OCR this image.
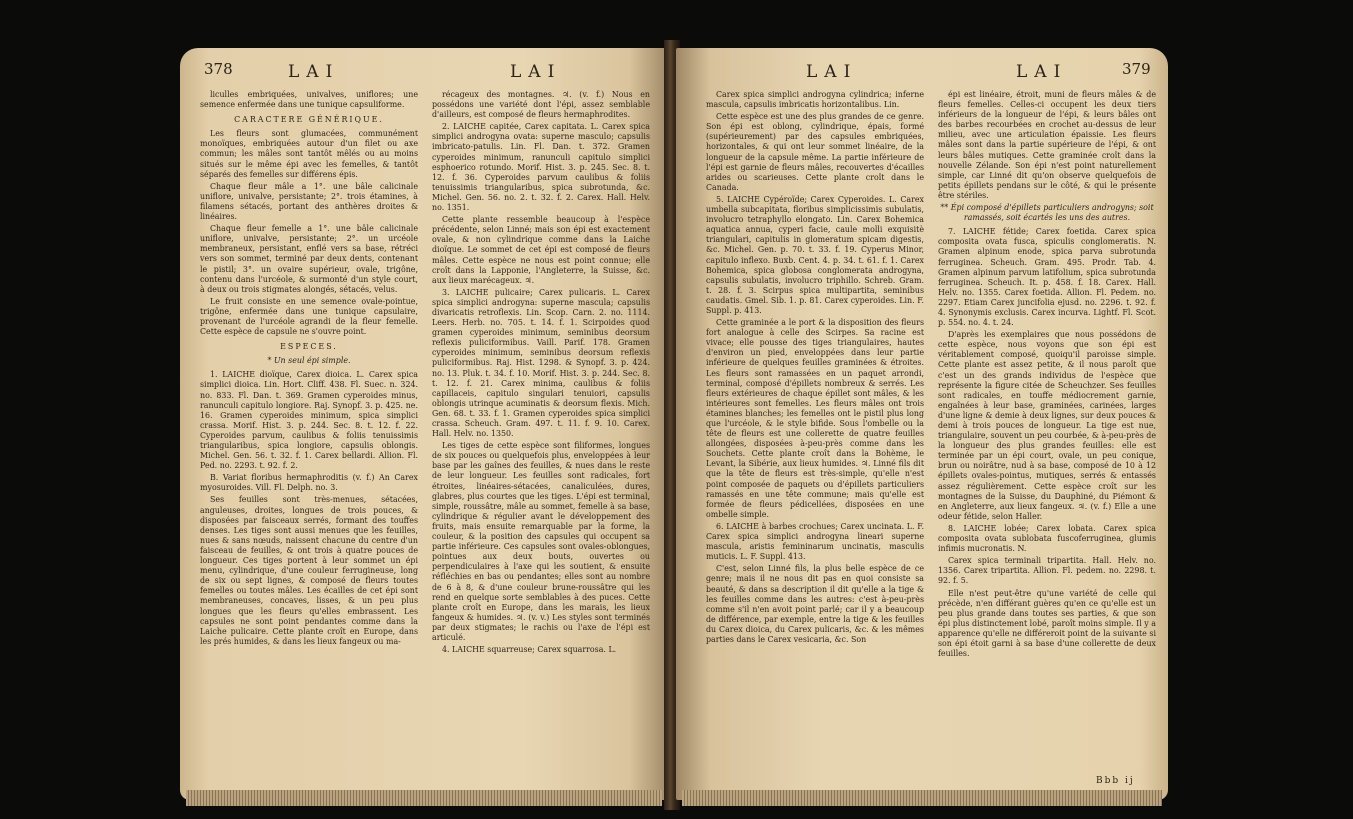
378	LAI	LAI

liculles embriquées, univalves, uniflores; une semence enfermée dans une tunique capsuliforme.

CARACTERE GÉNÉRIQUE.

Les fleurs sont glumacées, communément monoïques, embriquées autour d'un filet ou axe commun; les mâles sont tantôt mêlés ou au moins situés sur le même épi avec les femelles, & tantôt séparés des femelles sur différens épis.

Chaque fleur mâle a 1°. une bâle calicinale uniflore, univalve, persistante; 2°. trois étamines, à filamens sétacés, portant des anthères droites & linéaires.

Chaque fleur femelle a 1°. une bâle calicinale uniflore, univalve, persistante; 2°. un urcéole membraneux, persistant, enflé vers sa base, rétréci vers son sommet, terminé par deux dents, contenant le pistil; 3°. un ovaire supérieur, ovale, trigône, contenu dans l'urcéole, & surmonté d'un style court, à deux ou trois stigmates alongés, sétacés, velus.

Le fruit consiste en une semence ovale-pointue, trigône, enfermée dans une tunique capsulaire, provenant de l'urcéole agrandi de la fleur femelle. Cette espèce de capsule ne s'ouvre point.

ESPECES.

* Un seul épi simple.

1. LAICHE dioïque, Carex dioica. L. Carex spica simplici dioica. Lin. Hort. Cliff. 438. Fl. Suec. n. 324. no. 833. Fl. Dan. t. 369. Gramen cyperoides minus, ranunculi capitulo longiore. Raj. Synopf. 3. p. 425. ne. 16. Gramen cyperoides minimum, spica simplici crassa. Morif. Hist. 3. p. 244. Sec. 8. t. 12. f. 22. Cyperoides parvum, caulibus & foliis tenuissimis triangularibus, spica longiore, capsulis oblongis. Michel. Gen. 56. t. 32. f. 1. Carex bellardi. Allion. Fl. Ped. no. 2293. t. 92. f. 2.

B. Variat floribus hermaphroditis (v. f.) An Carex myosuroides. Vill. Fl. Delph. no. 3.

Ses feuilles sont très-menues, sétacées, anguleuses, droites, longues de trois pouces, & disposées par faisceaux serrés, formant des touffes denses. Les tiges sont aussi menues que les feuilles, nues & sans nœuds, naissent chacune du centre d'un faisceau de feuilles, & ont trois à quatre pouces de longueur. Ces tiges portent à leur sommet un épi menu, cylindrique, d'une couleur ferrugineuse, long de six ou sept lignes, & composé de fleurs toutes femelles ou toutes mâles. Les écailles de cet épi sont membraneuses, concaves, lisses, & un peu plus longues que les fleurs qu'elles embrassent. Les capsules ne sont point pendantes comme dans la Laiche pulicaire. Cette plante croît en Europe, dans les prés humides, & dans les lieux fangeux ou ma-

récageux des montagnes. ♃. (v. f.) Nous en possédons une variété dont l'épi, assez semblable d'ailleurs, est composé de fleurs hermaphrodites.

2. LAICHE capitée, Carex capitata. L. Carex spica simplici androgyna ovata: superne masculo; capsulis imbricato-patulis. Lin. Fl. Dan. t. 372. Gramen cyperoides minimum, ranunculi capitulo simplici esphoerico rotundo. Morif. Hist. 3. p. 245. Sec. 8. t. 12. f. 36. Cyperoides parvum caulibus & foliis tenuissimis triangularibus, spica subrotunda, &c. Michel. Gen. 56. no. 2. t. 32. f. 2. Carex. Hall. Helv. no. 1351.

Cette plante ressemble beaucoup à l'espèce précédente, selon Linné; mais son épi est exactement ovale, & non cylindrique comme dans la Laiche dioïque. Le sommet de cet épi est composé de fleurs mâles. Cette espèce ne nous est point connue; elle croît dans la Lapponie, l'Angleterre, la Suisse, &c. aux lieux marécageux. ♃.

3. LAICHE pulicaire; Carex pulicaris. L. Carex spica simplici androgyna: superne mascula; capsulis divaricatis retroflexis. Lin. Scop. Carn. 2. no. 1114. Leers. Herb. no. 705. t. 14. f. 1. Scirpoides quod gramen cyperoides minimum, seminibus deorsum reflexis puliciformibus. Vaill. Parif. 178. Gramen cyperoides minimum, seminibus deorsum reflexis puliciformibus. Raj. Hist. 1298. & Synopf. 3. p. 424. no. 13. Pluk. t. 34. f. 10. Morif. Hist. 3. p. 244. Sec. 8. t. 12. f. 21. Carex minima, caulibus & foliis capillaceis, capitulo singulari tenuiori, capsulis oblongis utrinque acuminatis & deorsum flexis. Mich. Gen. 68. t. 33. f. 1. Gramen cyperoides spica simplici crassa. Scheuch. Gram. 497. t. 11. f. 9. 10. Carex. Hall. Helv. no. 1350.

Les tiges de cette espèce sont filiformes, longues de six pouces ou quelquefois plus, enveloppées à leur base par les gaînes des feuilles, & nues dans le reste de leur longueur. Les feuilles sont radicales, fort étroites, linéaires-sétacées, canaliculées, dures, glabres, plus courtes que les tiges. L'épi est terminal, simple, roussâtre, mâle au sommet, femelle à sa base, cylindrique & régulier avant le développement des fruits, mais ensuite remarquable par la forme, la couleur, & la position des capsules qui occupent sa partie inférieure. Ces capsules sont ovales-oblongues, pointues aux deux bouts, ouvertes ou perpendiculaires à l'axe qui les soutient, & ensuite réfléchies en bas ou pendantes; elles sont au nombre de 6 à 8, & d'une couleur brune-roussâtre qui les rend en quelque sorte semblables à des puces. Cette plante croît en Europe, dans les marais, les lieux fangeux & humides. ♃. (v. v.) Les styles sont terminés par deux stigmates; le rachis ou l'axe de l'épi est articulé.

4. LAICHE squarreuse; Carex squarrosa. L.

LAI	LAI	379

Carex spica simplici androgyna cylindrica; inferne mascula, capsulis imbricatis horizontalibus. Lin.

Cette espèce est une des plus grandes de ce genre. Son épi est oblong, cylindrique, épais, formé (supérieurement) par des capsules embriquées, horizontales, & qui ont leur sommet linéaire, de la longueur de la capsule même. La partie inférieure de l'épi est garnie de fleurs mâles, recouvertes d'écailles arides ou scarieuses. Cette plante croît dans le Canada.

5. LAICHE Cypéroïde; Carex Cyperoides. L. Carex umbella subcapitata, floribus simplicissimis subulatis, involucro tetraphyllo elongato. Lin. Carex Bohemica aquatica annua, cyperi facie, caule molli exquisitè triangulari, capitulis in glomeratum spicam digestis, &c. Michel. Gen. p. 70. t. 33. f. 19. Cyperus Minor, capitulo inflexo. Buxb. Cent. 4. p. 34. t. 61. f. 1. Carex Bohemica, spica globosa conglomerata androgyna, capsulis subulatis, involucro triphillo. Schreb. Gram. t. 28. f. 3. Scirpus spica multipartita, seminibus caudatis. Gmel. Sib. 1. p. 81. Carex cyperoides. Lin. F. Suppl. p. 413.

Cette graminée a le port & la disposition des fleurs fort analogue à celle des Scirpes. Sa racine est vivace; elle pousse des tiges triangulaires, hautes d'environ un pied, enveloppées dans leur partie inférieure de quelques feuilles graminées & étroites. Les fleurs sont ramassées en un paquet arrondi, terminal, composé d'épillets nombreux & serrés. Les fleurs extérieures de chaque épillet sont mâles, & les intérieures sont femelles. Les fleurs mâles ont trois étamines blanches; les femelles ont le pistil plus long que l'urcéole, & le style bifide. Sous l'ombelle ou la tête de fleurs est une collerette de quatre feuilles allongées, disposées à-peu-près comme dans les Souchets. Cette plante croît dans la Bohème, le Levant, la Sibérie, aux lieux humides. ♃. Linné fils dit que la tête de fleurs est très-simple, qu'elle n'est point composée de paquets ou d'épillets particuliers ramassés en une tête commune; mais qu'elle est formée de fleurs pédicellées, disposées en une ombelle simple.

6. LAICHE à barbes crochues; Carex uncinata. L. F. Carex spica simplici androgyna lineari superne mascula, aristis femininarum uncinatis, masculis muticis. L. F. Suppl. 413.

C'est, selon Linné fils, la plus belle espèce de ce genre; mais il ne nous dit pas en quoi consiste sa beauté, & dans sa description il dit qu'elle a la tige & les feuilles comme dans les autres: c'est à-peu-près comme s'il n'en avoit point parlé; car il y a beaucoup de différence, par exemple, entre la tige & les feuilles du Carex dioica, du Carex pulicaris, &c. & les mêmes parties dans le Carex vesicaria, &c. Son

épi est linéaire, étroit, muni de fleurs mâles & de fleurs femelles. Celles-ci occupent les deux tiers inférieurs de la longueur de l'épi, & leurs bâles ont des barbes recourbées en crochet au-dessus de leur milieu, avec une articulation épaissie. Les fleurs mâles sont dans la partie supérieure de l'épi, & ont leurs bâles mutiques. Cette graminée croît dans la nouvelle Zélande. Son épi n'est point naturellement simple, car Linné dit qu'on observe quelquefois de petits épillets pendans sur le côté, & qui le présente être stériles.

** Épi composé d'épillets particuliers androgyns; soit ramassés, soit écartés les uns des autres.

7. LAICHE fétide; Carex foetida. Carex spica composita ovata fusca, spiculis conglomeratis. N. Gramen alpinum enode, spica parva subrotunda ferruginea. Scheuch. Gram. 495. Prodr. Tab. 4. Gramen alpinum parvum latifolium, spica subrotunda ferruginea. Scheuch. It. p. 458. f. 18. Carex. Hall. Helv. no. 1355. Carex foetida. Allion. Fl. Pedem. no. 2297. Etiam Carex juncifolia ejusd. no. 2296. t. 92. f. 4. Synonymis exclusis. Carex incurva. Lightf. Fl. Scot. p. 554. no. 4. t. 24.

D'après les exemplaires que nous possédons de cette espèce, nous voyons que son épi est véritablement composé, quoiqu'il paroisse simple. Cette plante est assez petite, & il nous paroît que c'est un des grands individus de l'espèce que représente la figure citée de Scheuchzer. Ses feuilles sont radicales, en touffe médiocrement garnie, engaînées à leur base, graminées, carinées, larges d'une ligne & demie à deux lignes, sur deux pouces & demi à trois pouces de longueur. La tige est nue, triangulaire, souvent un peu courbée, & à-peu-près de la longueur des plus grandes feuilles: elle est terminée par un épi court, ovale, un peu conique, brun ou noirâtre, nud à sa base, composé de 10 à 12 épillets ovales-pointus, mutiques, serrés & entassés assez régulièrement. Cette espèce croît sur les montagnes de la Suisse, du Dauphiné, du Piémont & en Angleterre, aux lieux fangeux. ♃. (v. f.) Elle a une odeur fétide, selon Haller.

8. LAICHE lobée; Carex lobata. Carex spica composita ovata sublobata fuscoferruginea, glumis infimis mucronatis. N.

Carex spica terminali tripartita. Hall. Helv. no. 1356. Carex tripartita. Allion. Fl. pedem. no. 2298. t. 92. f. 5.

Elle n'est peut-être qu'une variété de celle qui précède, n'en différant guères qu'en ce qu'elle est un peu plus grande dans toutes ses parties, & que son épi plus distinctement lobé, paroît moins simple. Il y a apparence qu'elle ne différeroit point de la suivante si son épi étoit garni à sa base d'une collerette de deux feuilles.

Bbb ij
